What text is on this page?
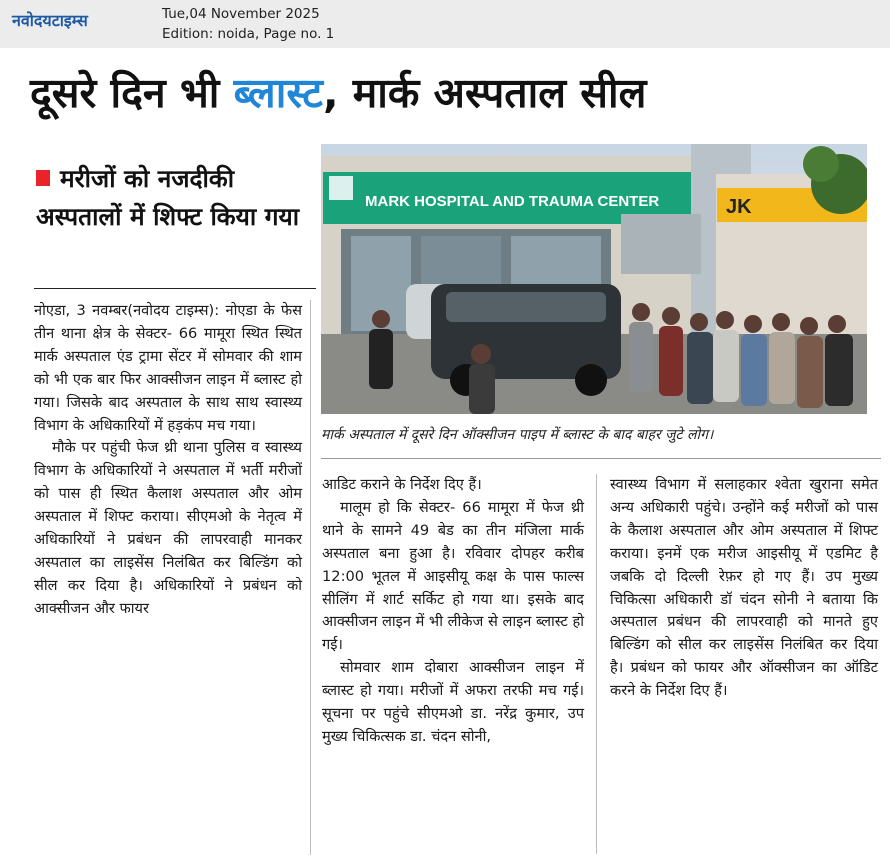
नवोदयटाइम्स	Tue,04 November 2025
Edition: noida, Page no. 1
दूसरे दिन भी ब्लास्ट, मार्क अस्पताल सील
मरीजों को नजदीकी अस्पतालों में शिफ्ट किया गया
MARK HOSPITAL AND TRAUMA CENTER	JK
मार्क अस्पताल में दूसरे दिन ऑक्सीजन पाइप में ब्लास्ट के बाद बाहर जुटे लोग।

नोएडा, 3 नवम्बर(नवोदय टाइम्स): नोएडा के फेस तीन थाना क्षेत्र के सेक्टर- 66 मामूरा स्थित स्थित मार्क अस्पताल एंड ट्रामा सेंटर में सोमवार की शाम को भी एक बार फिर आक्सीजन लाइन में ब्लास्ट हो गया। जिसके बाद अस्पताल के साथ साथ स्वास्थ्य विभाग के अधिकारियों में हड़कंप मच गया।

मौके पर पहुंची फेज थ्री थाना पुलिस व स्वास्थ्य विभाग के अधिकारियों ने अस्पताल में भर्ती मरीजों को पास ही स्थित कैलाश अस्पताल और ओम अस्पताल में शिफ्ट कराया। सीएमओ के नेतृत्व में अधिकारियों ने प्रबंधन की लापरवाही मानकर अस्पताल का लाइसेंस निलंबित कर बिल्डिंग को सील कर दिया है। अधिकारियों ने प्रबंधन को आक्सीजन और फायर

आडिट कराने के निर्देश दिए हैं।

मालूम हो कि सेक्टर- 66 मामूरा में फेज थ्री थाने के सामने 49 बेड का तीन मंजिला मार्क अस्पताल बना हुआ है। रविवार दोपहर करीब 12:00 भूतल में आइसीयू कक्ष के पास फाल्स सीलिंग में शार्ट सर्किट हो गया था। इसके बाद आक्सीजन लाइन में भी लीकेज से लाइन ब्लास्ट हो गई।

सोमवार शाम दोबारा आक्सीजन लाइन में ब्लास्ट हो गया। मरीजों में अफरा तरफी मच गई। सूचना पर पहुंचे सीएमओ डा. नरेंद्र कुमार, उप मुख्य चिकित्सक डा. चंदन सोनी,

स्वास्थ्य विभाग में सलाहकार श्वेता खुराना समेत अन्य अधिकारी पहुंचे। उन्होंने कई मरीजों को पास के कैलाश अस्पताल और ओम अस्पताल में शिफ्ट कराया। इनमें एक मरीज आइसीयू में एडमिट है जबकि दो दिल्ली रेफ़र हो गए हैं। उप मुख्य चिकित्सा अधिकारी डॉ चंदन सोनी ने बताया कि अस्पताल प्रबंधन की लापरवाही को मानते हुए बिल्डिंग को सील कर लाइसेंस निलंबित कर दिया है। प्रबंधन को फायर और ऑक्सीजन का ऑडिट करने के निर्देश दिए हैं।
